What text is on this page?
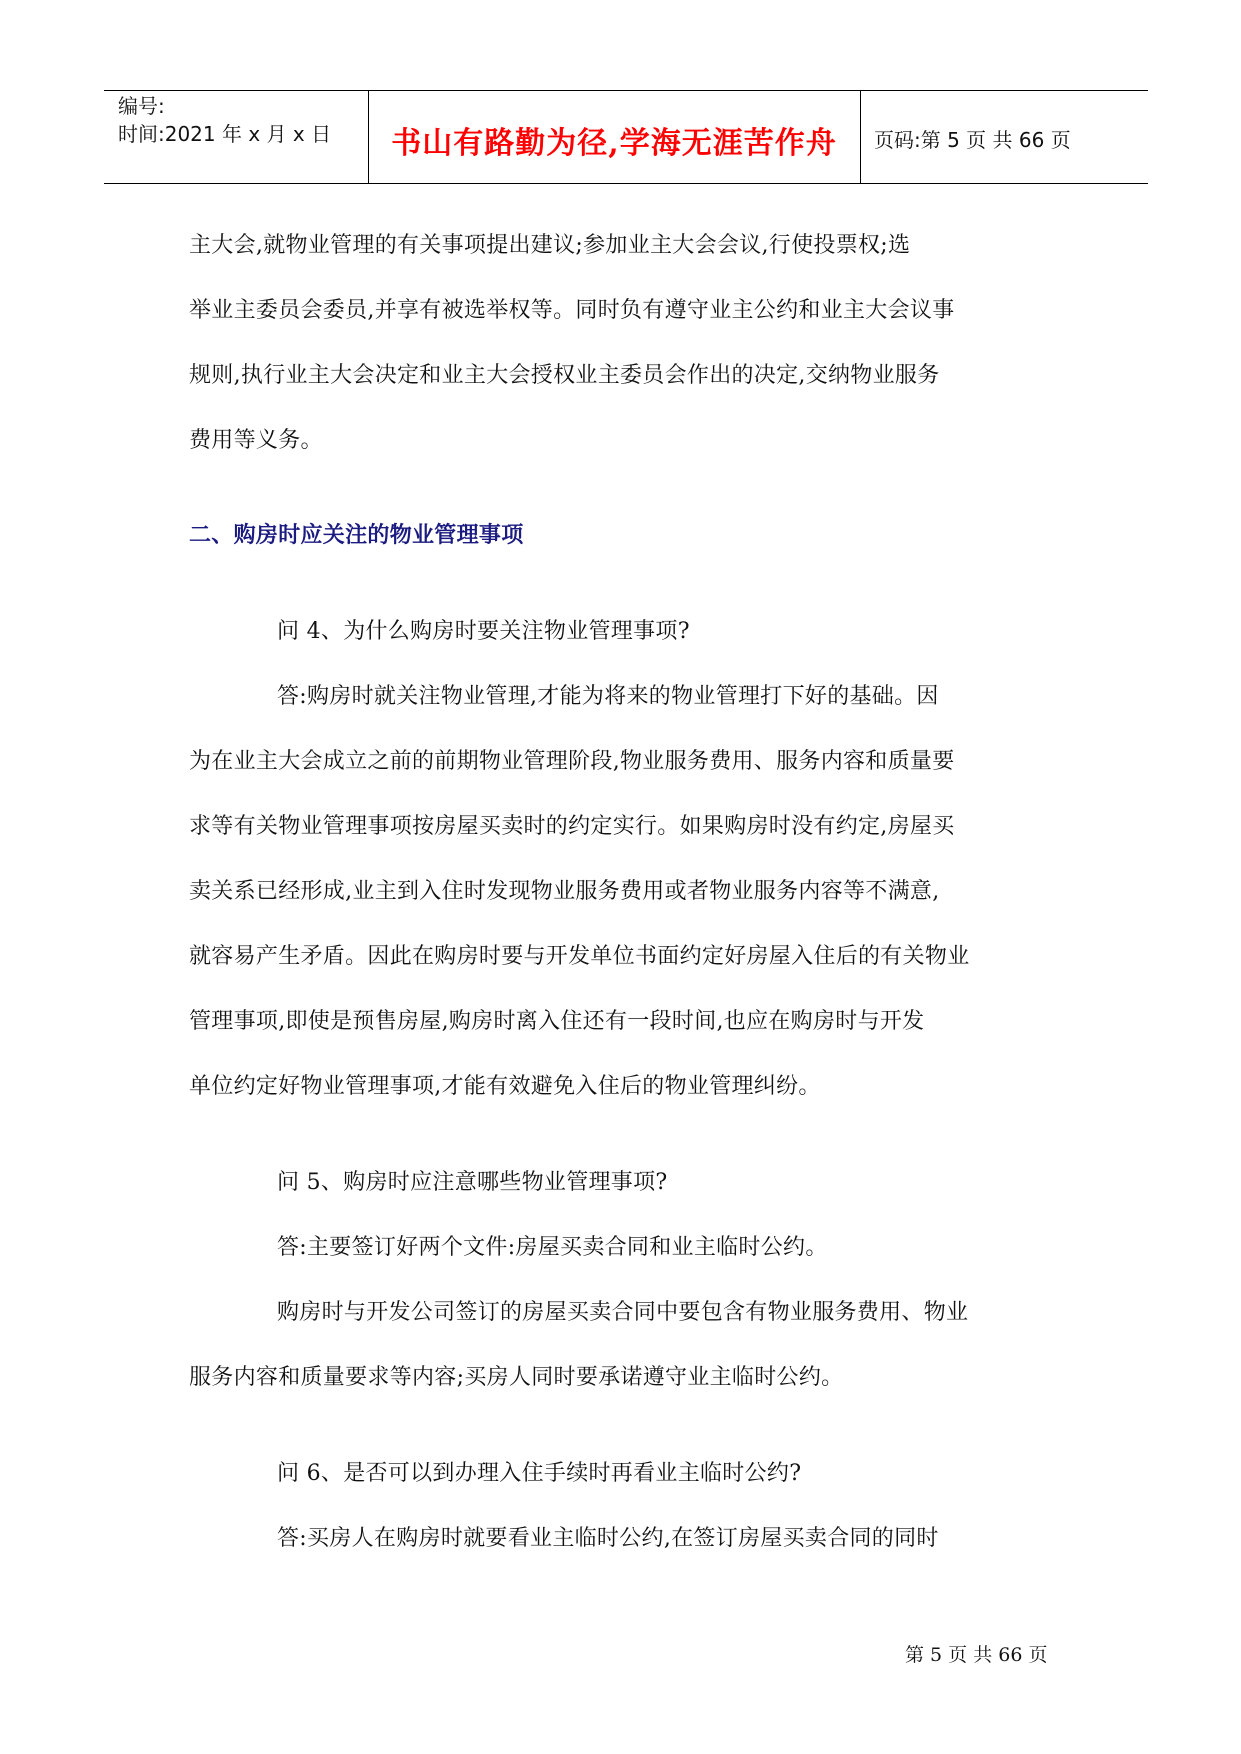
编号:
时间:2021 年 x 月 x 日	书山有路勤为径,学海无涯苦作舟	页码:第 5 页 共 66 页
主大会,就物业管理的有关事项提出建议;参加业主大会会议,行使投票权;选
举业主委员会委员,并享有被选举权等。同时负有遵守业主公约和业主大会议事
规则,执行业主大会决定和业主大会授权业主委员会作出的决定,交纳物业服务
费用等义务。
二、购房时应关注的物业管理事项
问 4、为什么购房时要关注物业管理事项?
答:购房时就关注物业管理,才能为将来的物业管理打下好的基础。因
为在业主大会成立之前的前期物业管理阶段,物业服务费用、服务内容和质量要
求等有关物业管理事项按房屋买卖时的约定实行。如果购房时没有约定,房屋买
卖关系已经形成,业主到入住时发现物业服务费用或者物业服务内容等不满意,
就容易产生矛盾。因此在购房时要与开发单位书面约定好房屋入住后的有关物业
管理事项,即使是预售房屋,购房时离入住还有一段时间,也应在购房时与开发
单位约定好物业管理事项,才能有效避免入住后的物业管理纠纷。
问 5、购房时应注意哪些物业管理事项?
答:主要签订好两个文件:房屋买卖合同和业主临时公约。
购房时与开发公司签订的房屋买卖合同中要包含有物业服务费用、物业
服务内容和质量要求等内容;买房人同时要承诺遵守业主临时公约。
问 6、是否可以到办理入住手续时再看业主临时公约?
答:买房人在购房时就要看业主临时公约,在签订房屋买卖合同的同时
第 5 页 共 66 页
